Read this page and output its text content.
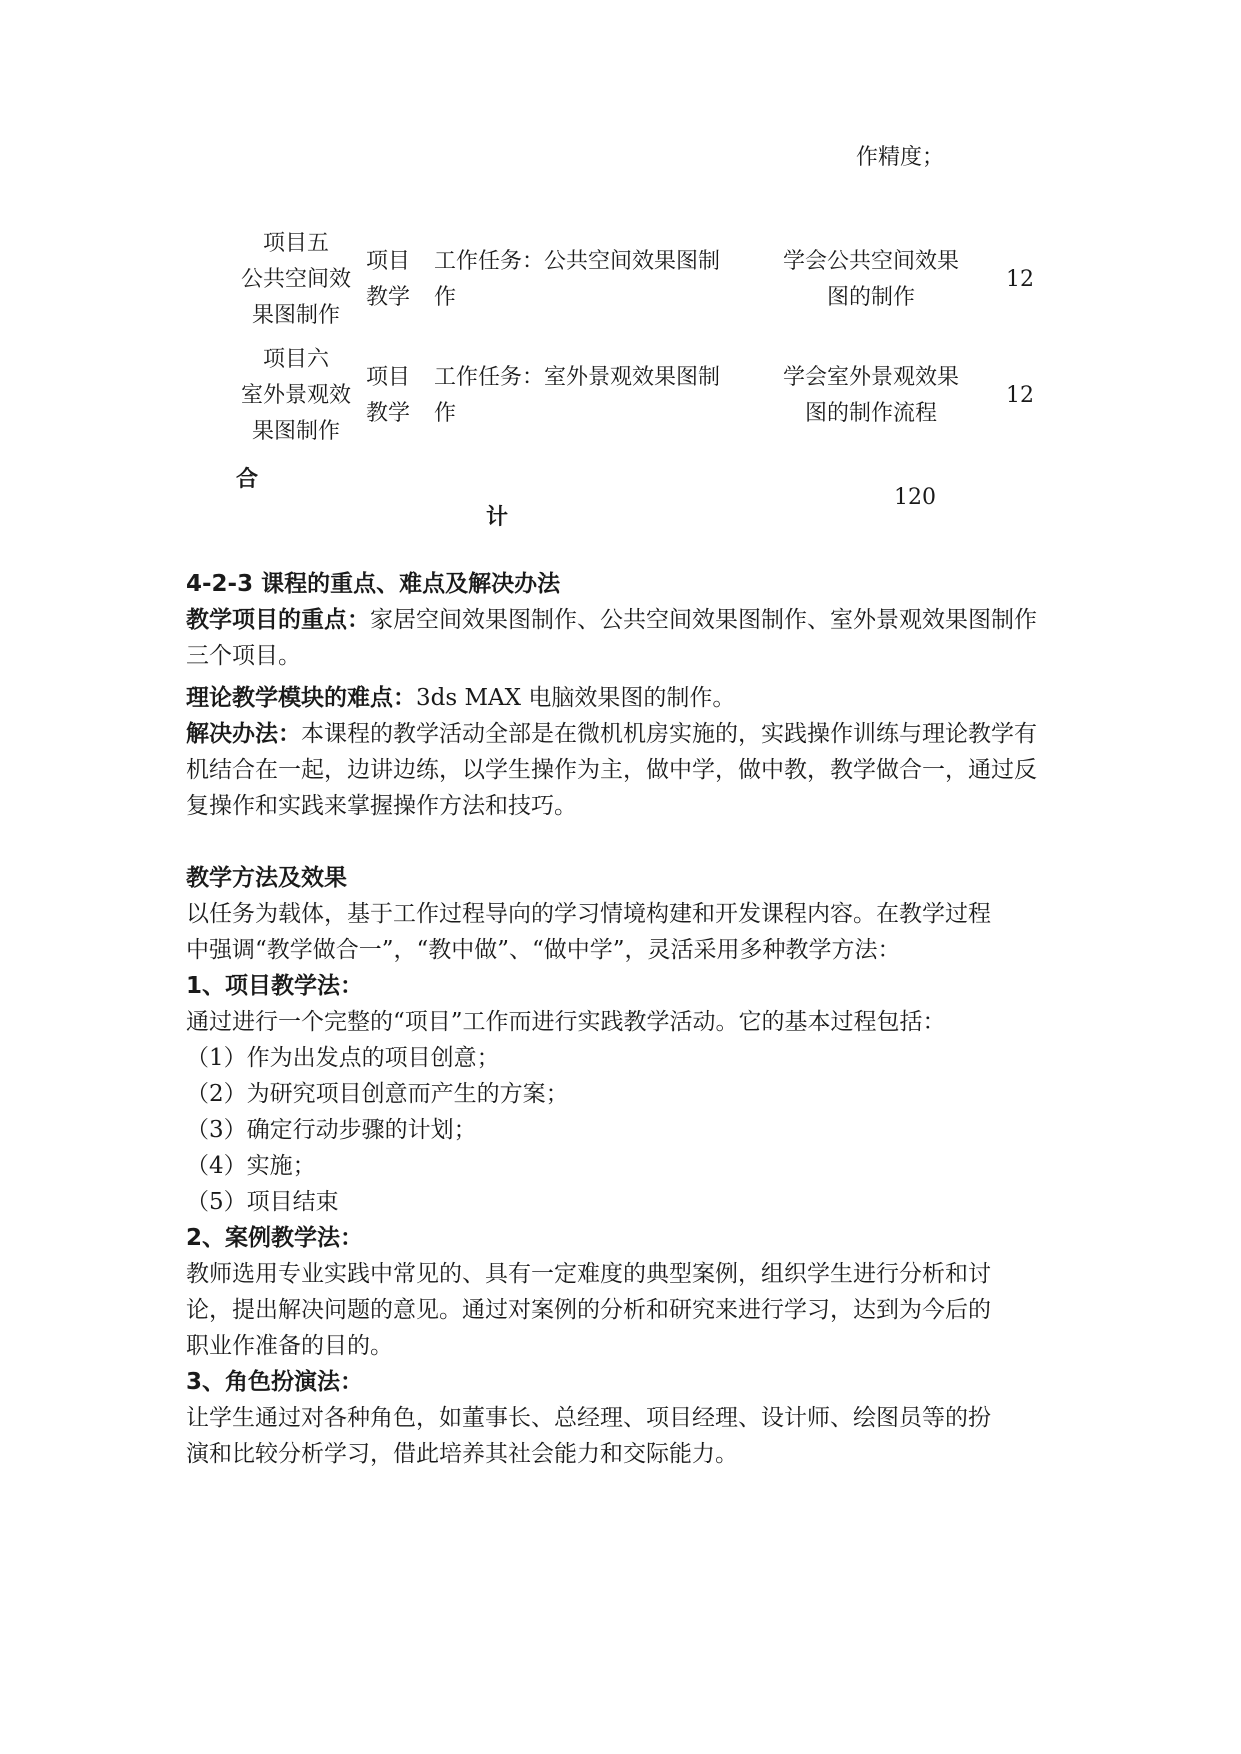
作精度；
项目五
公共空间效
果图制作
项目
教学
工作任务：公共空间效果图制
作
学会公共空间效果
图的制作
12
项目六
室外景观效
果图制作
项目
教学
工作任务：室外景观效果图制
作
学会室外景观效果
图的制作流程
12
合
计
120
4-2-3 课程的重点、难点及解决办法
教学项目的重点：家居空间效果图制作、公共空间效果图制作、室外景观效果图制作
三个项目。
理论教学模块的难点：3ds MAX 电脑效果图的制作。
解决办法：本课程的教学活动全部是在微机机房实施的，实践操作训练与理论教学有
机结合在一起，边讲边练，以学生操作为主，做中学，做中教，教学做合一，通过反
复操作和实践来掌握操作方法和技巧。
教学方法及效果
以任务为载体，基于工作过程导向的学习情境构建和开发课程内容。在教学过程
中强调“教学做合一”，“教中做”、“做中学”，灵活采用多种教学方法：
1、项目教学法：
通过进行一个完整的“项目”工作而进行实践教学活动。它的基本过程包括：
（1）作为出发点的项目创意；
（2）为研究项目创意而产生的方案；
（3）确定行动步骤的计划；
（4）实施；
（5）项目结束
2、案例教学法：
教师选用专业实践中常见的、具有一定难度的典型案例，组织学生进行分析和讨
论，提出解决问题的意见。通过对案例的分析和研究来进行学习，达到为今后的
职业作准备的目的。
3、角色扮演法：
让学生通过对各种角色，如董事长、总经理、项目经理、设计师、绘图员等的扮
演和比较分析学习，借此培养其社会能力和交际能力。
